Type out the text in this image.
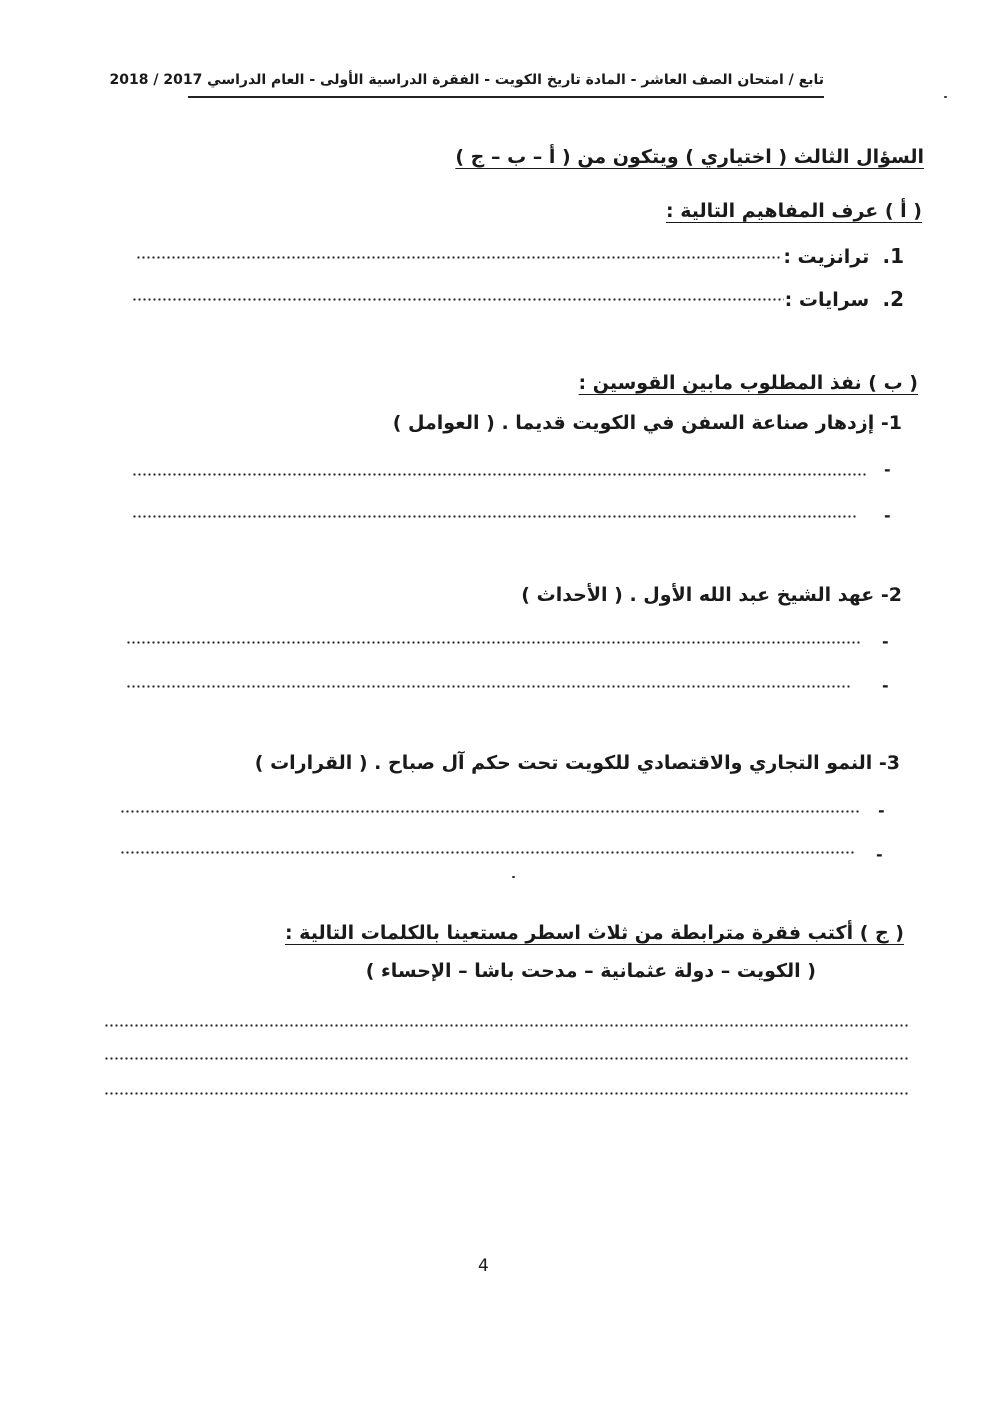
تابع / امتحان الصف العاشر - المادة تاريخ الكويت - الفقرة الدراسية الأولى - العام الدراسي 2017 / 2018
السؤال الثالث ( اختياري ) ويتكون من ( أ – ب – ج )
( أ ) عرف المفاهيم التالية :
1.  ترانزيت :
2.  سرايات :
( ب ) نفذ المطلوب مابين القوسين :
1- إزدهار صناعة السفن في الكويت قديما . ( العوامل )
-
-
2- عهد الشيخ عبد الله الأول . ( الأحداث )
-
-
3- النمو التجاري والاقتصادي للكويت تحت حكم آل صباح . ( القرارات )
-
-
( ج ) أكتب فقرة مترابطة من ثلاث اسطر مستعينا بالكلمات التالية :
( الكويت – دولة عثمانية – مدحت باشا – الإحساء )
4
